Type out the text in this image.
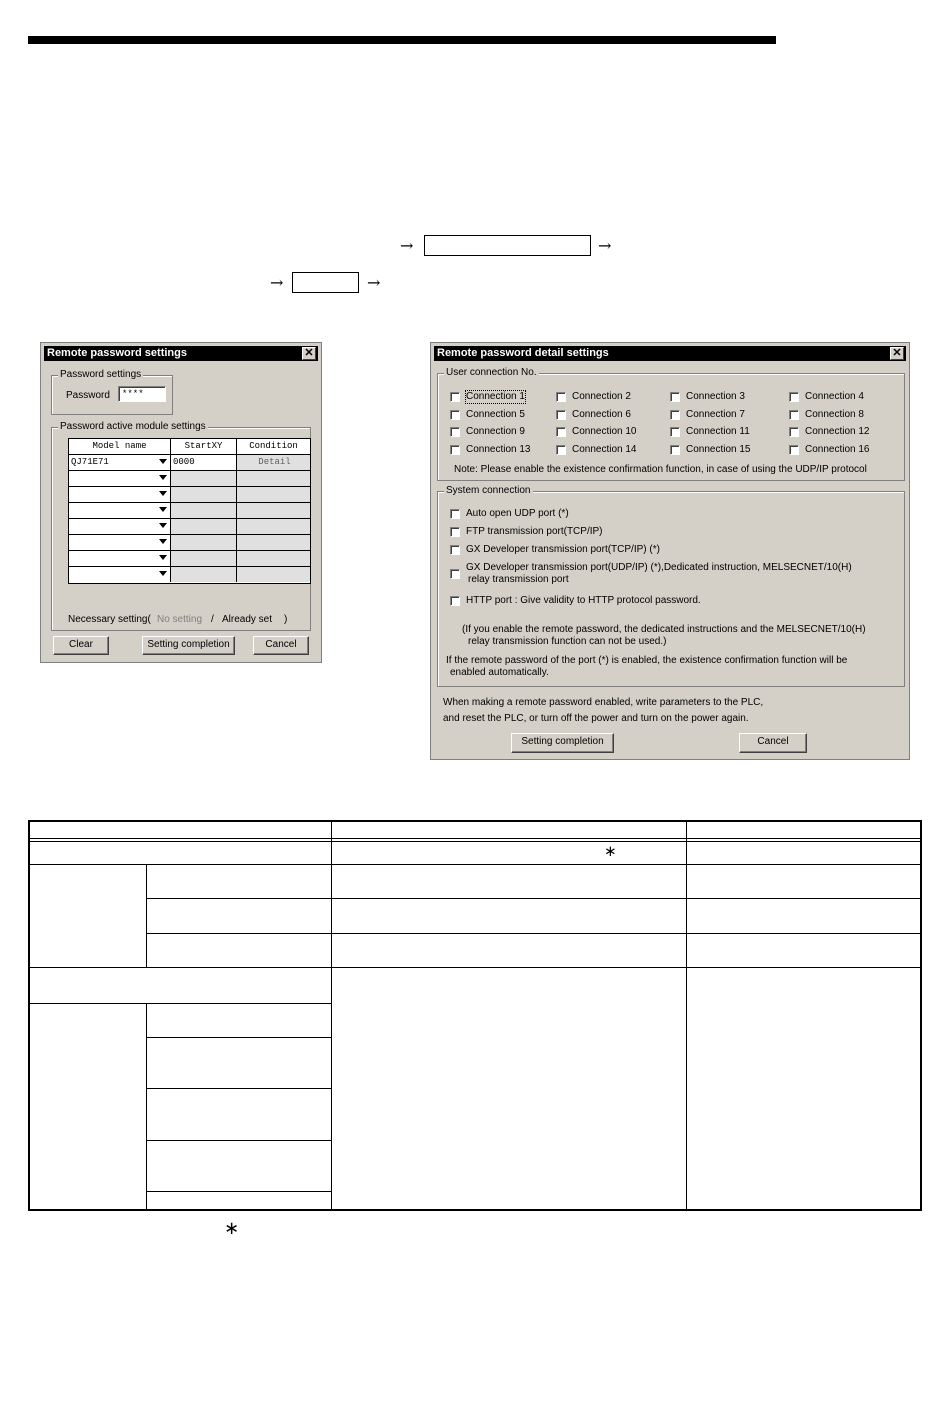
→	→
→	→
Remote password settings	✕
Password settings
Password	****
Password active module settings
Model name	StartXY	Condition
QJ71E71	0000	Detail
Necessary setting( No setting / Already set )
Clear	Setting completion	Cancel
Remote password detail settings	✕
User connection No.
Connection 1	Connection 2	Connection 3	Connection 4
Connection 5	Connection 6	Connection 7	Connection 8
Connection 9	Connection 10	Connection 11	Connection 12
Connection 13	Connection 14	Connection 15	Connection 16
Note: Please enable the existence confirmation function, in case of using the UDP/IP protocol
System connection
Auto open UDP port (*)
FTP transmission port(TCP/IP)
GX Developer transmission port(TCP/IP) (*)
GX Developer transmission port(UDP/IP) (*),Dedicated instruction, MELSECNET/10(H)
relay transmission port
HTTP port : Give validity to HTTP protocol password.
(If you enable the remote password, the dedicated instructions and the MELSECNET/10(H)
relay transmission function can not be used.)
If the remote password of the port (*) is enabled, the existence confirmation function will be
enabled automatically.
When making a remote password enabled, write parameters to the PLC,
and reset the PLC, or turn off the power and turn on the power again.
Setting completion	Cancel
∗
∗
